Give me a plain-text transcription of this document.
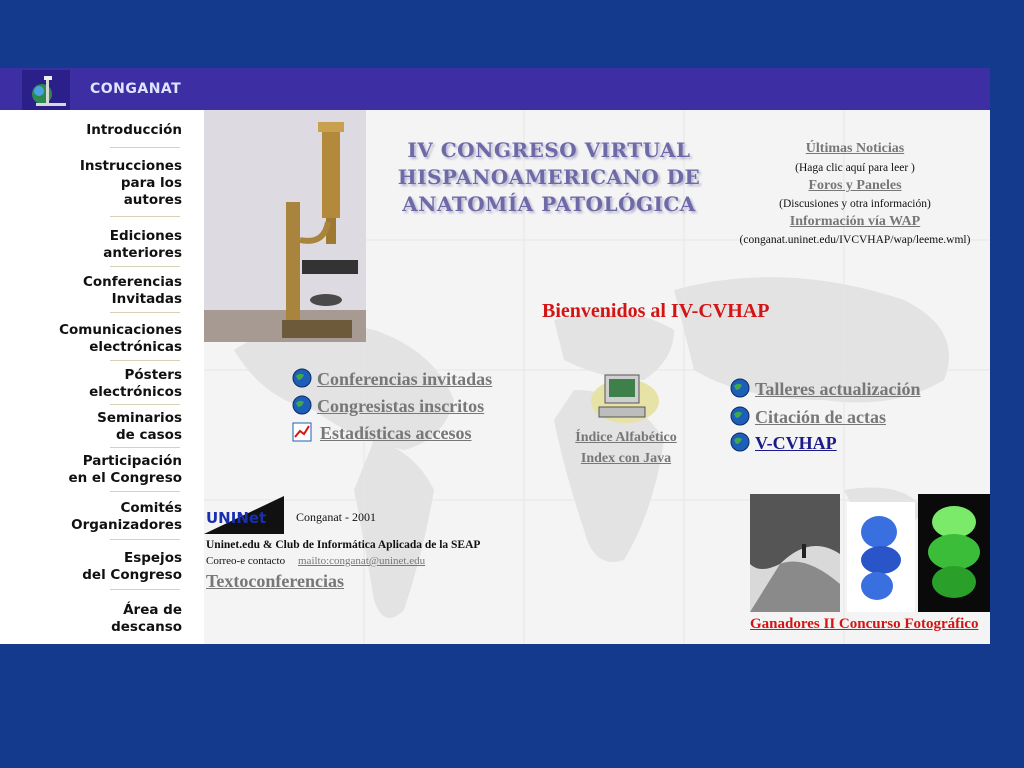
CONGANAT
Introducción
Instrucciones
para los
autores
Ediciones
anteriores
Conferencias
Invitadas
Comunicaciones
electrónicas
Pósters
electrónicos
Seminarios
de casos
Participación
en el Congreso
Comités
Organizadores
Espejos
del Congreso
Área de
descanso
IV CONGRESO VIRTUAL
HISPANOAMERICANO DE
ANATOMÍA PATOLÓGICA
Últimas Noticias
(Haga clic aquí para leer )
Foros y Paneles
(Discusiones y otra información)
Información vía WAP
(conganat.uninet.edu/IVCVHAP/wap/leeme.wml)
Bienvenidos al IV-CVHAP
Conferencias invitadas
Congresistas inscritos
Estadísticas accesos	Índice Alfabético
Index con Java
Talleres actualización
Citación de actas
V-CVHAP
UNINet Conganat - 2001
Uninet.edu & Club de Informática Aplicada de la SEAP
Correo-e contacto mailto:conganat@uninet.edu
Textoconferencias
Ganadores II Concurso Fotográfico
